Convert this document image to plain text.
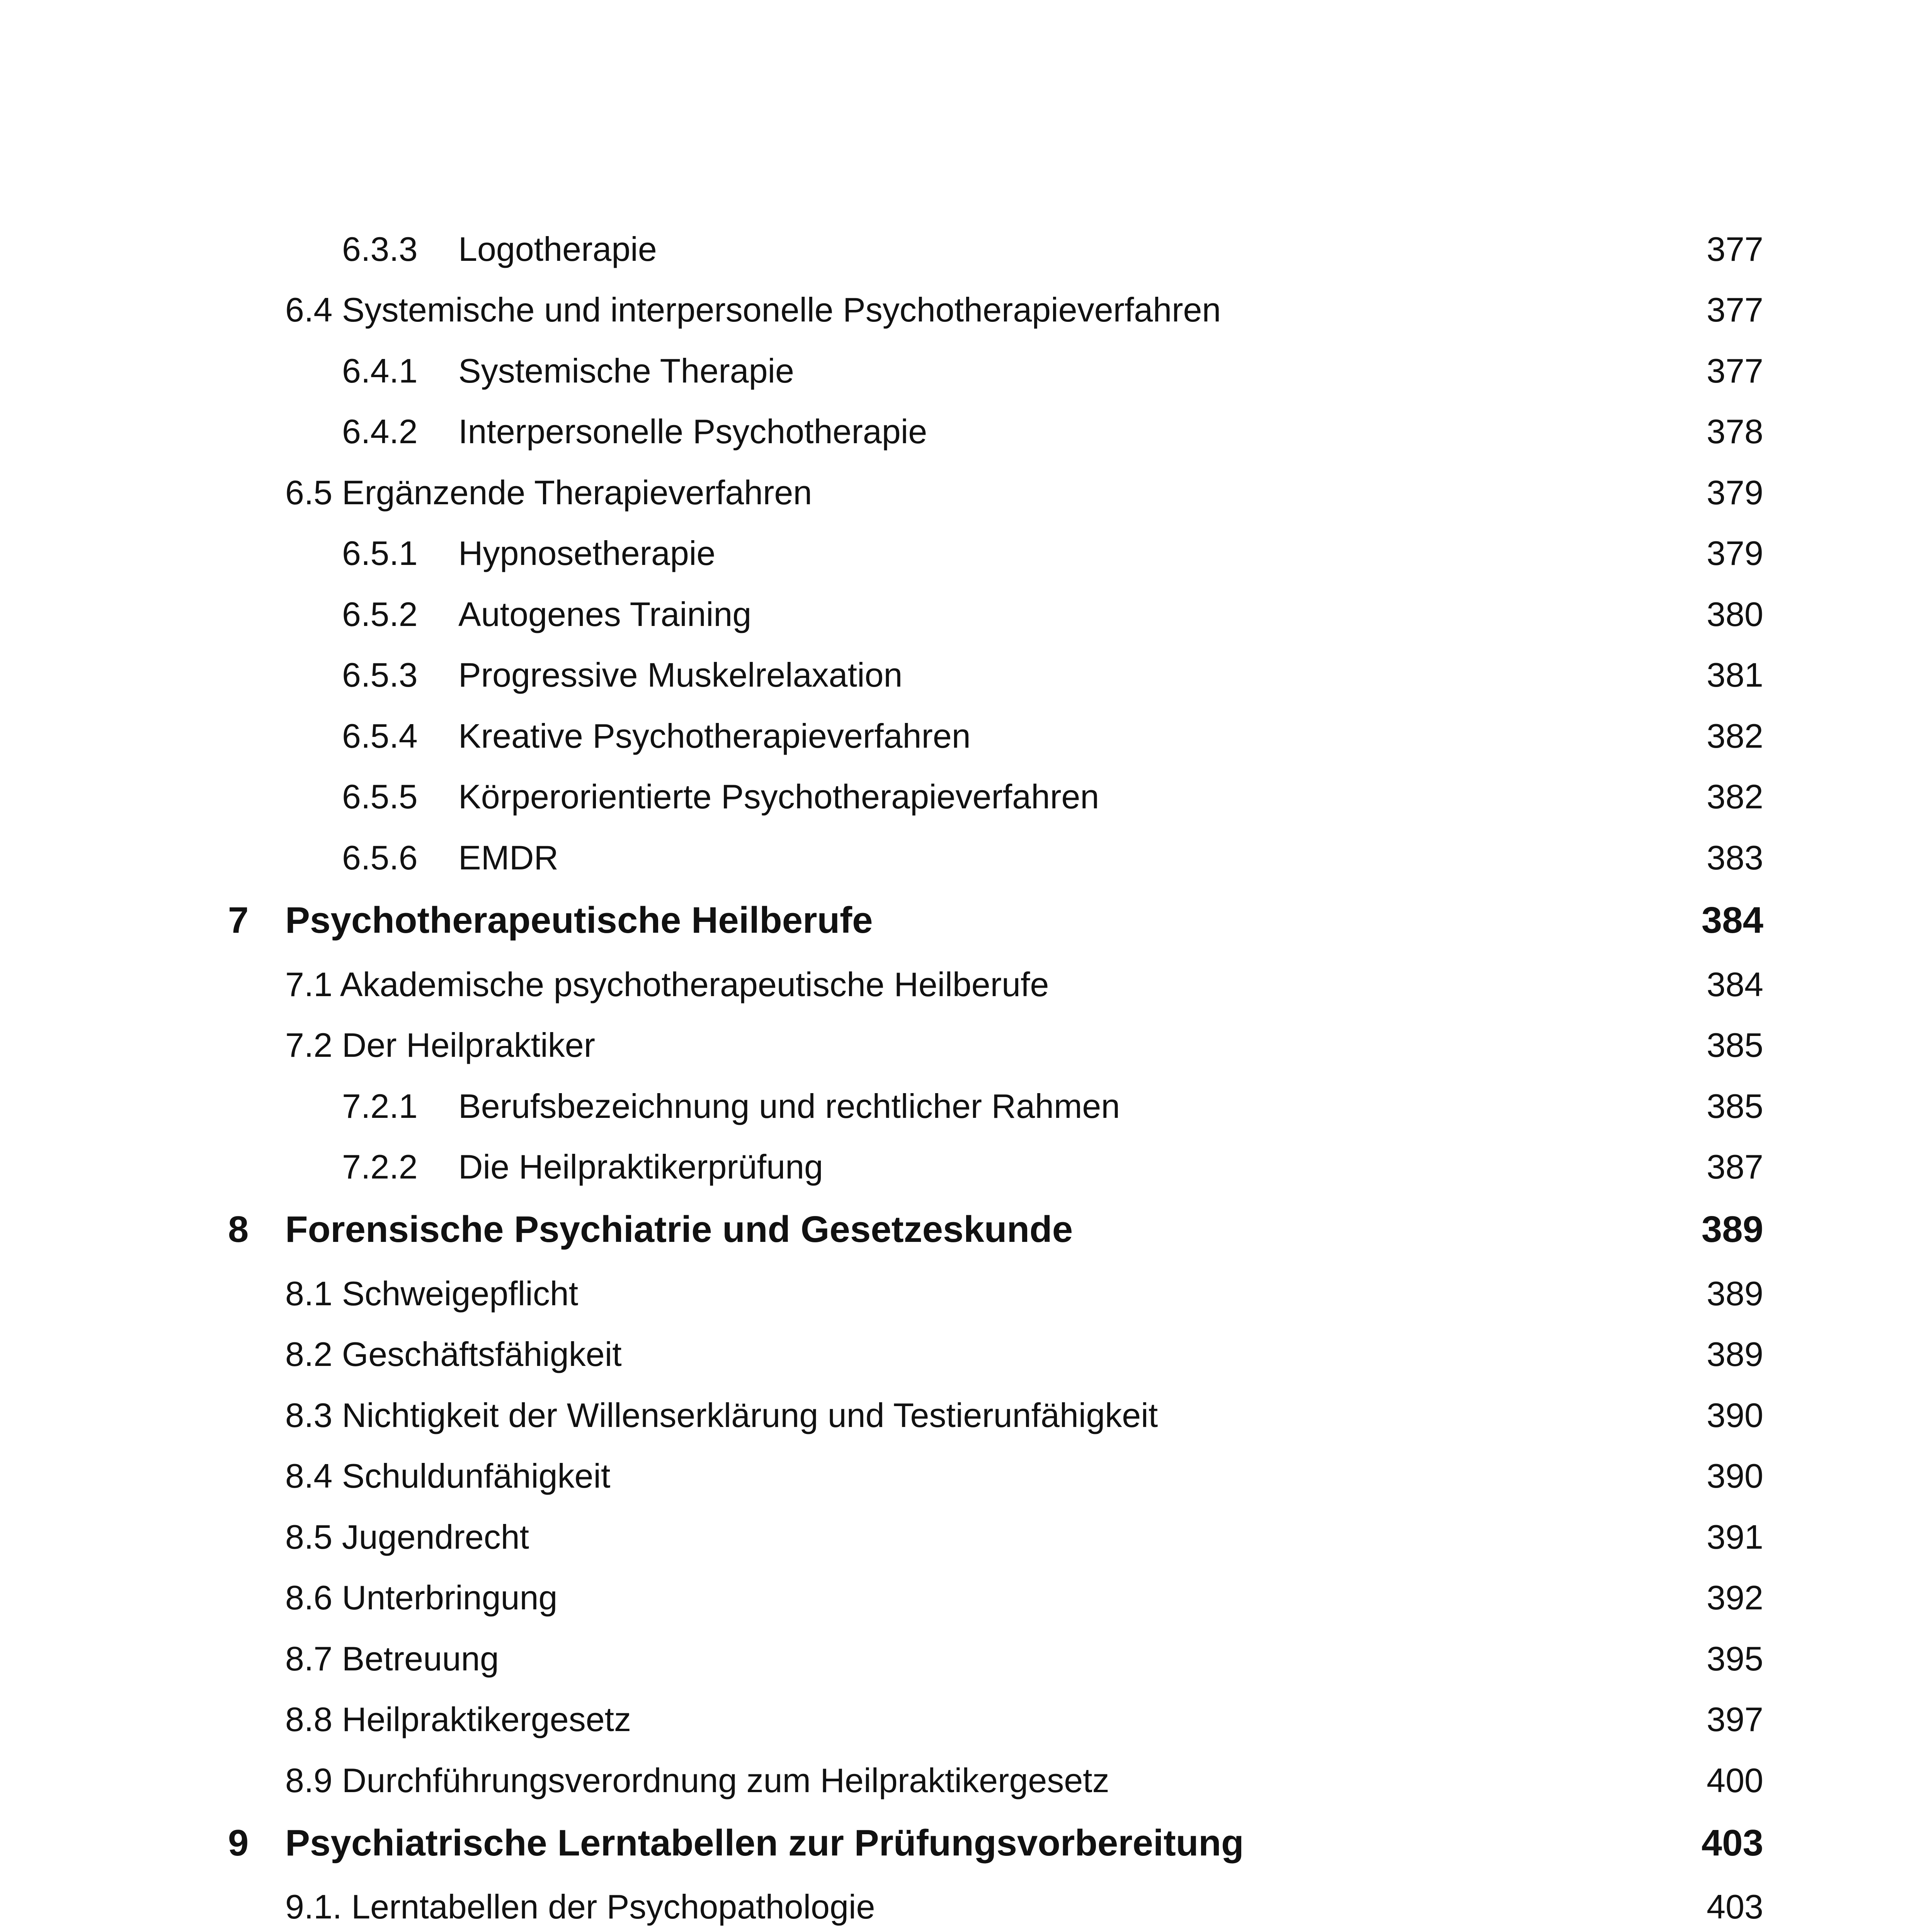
6.3.3 Logotherapie	377
6.4 Systemische und interpersonelle Psychotherapieverfahren	377
6.4.1 Systemische Therapie	377
6.4.2 Interpersonelle Psychotherapie	378
6.5 Ergänzende Therapieverfahren	379
6.5.1 Hypnosetherapie	379
6.5.2 Autogenes Training	380
6.5.3 Progressive Muskelrelaxation	381
6.5.4 Kreative Psychotherapieverfahren	382
6.5.5 Körperorientierte Psychotherapieverfahren	382
6.5.6 EMDR	383
7 Psychotherapeutische Heilberufe	384
7.1 Akademische psychotherapeutische Heilberufe	384
7.2 Der Heilpraktiker	385
7.2.1 Berufsbezeichnung und rechtlicher Rahmen	385
7.2.2 Die Heilpraktikerprüfung	387
8 Forensische Psychiatrie und Gesetzeskunde	389
8.1 Schweigepflicht	389
8.2 Geschäftsfähigkeit	389
8.3 Nichtigkeit der Willenserklärung und Testierunfähigkeit	390
8.4 Schuldunfähigkeit	390
8.5 Jugendrecht	391
8.6 Unterbringung	392
8.7 Betreuung	395
8.8 Heilpraktikergesetz	397
8.9 Durchführungsverordnung zum Heilpraktikergesetz	400
9 Psychiatrische Lerntabellen zur Prüfungsvorbereitung	403
9.1. Lerntabellen der Psychopathologie	403
